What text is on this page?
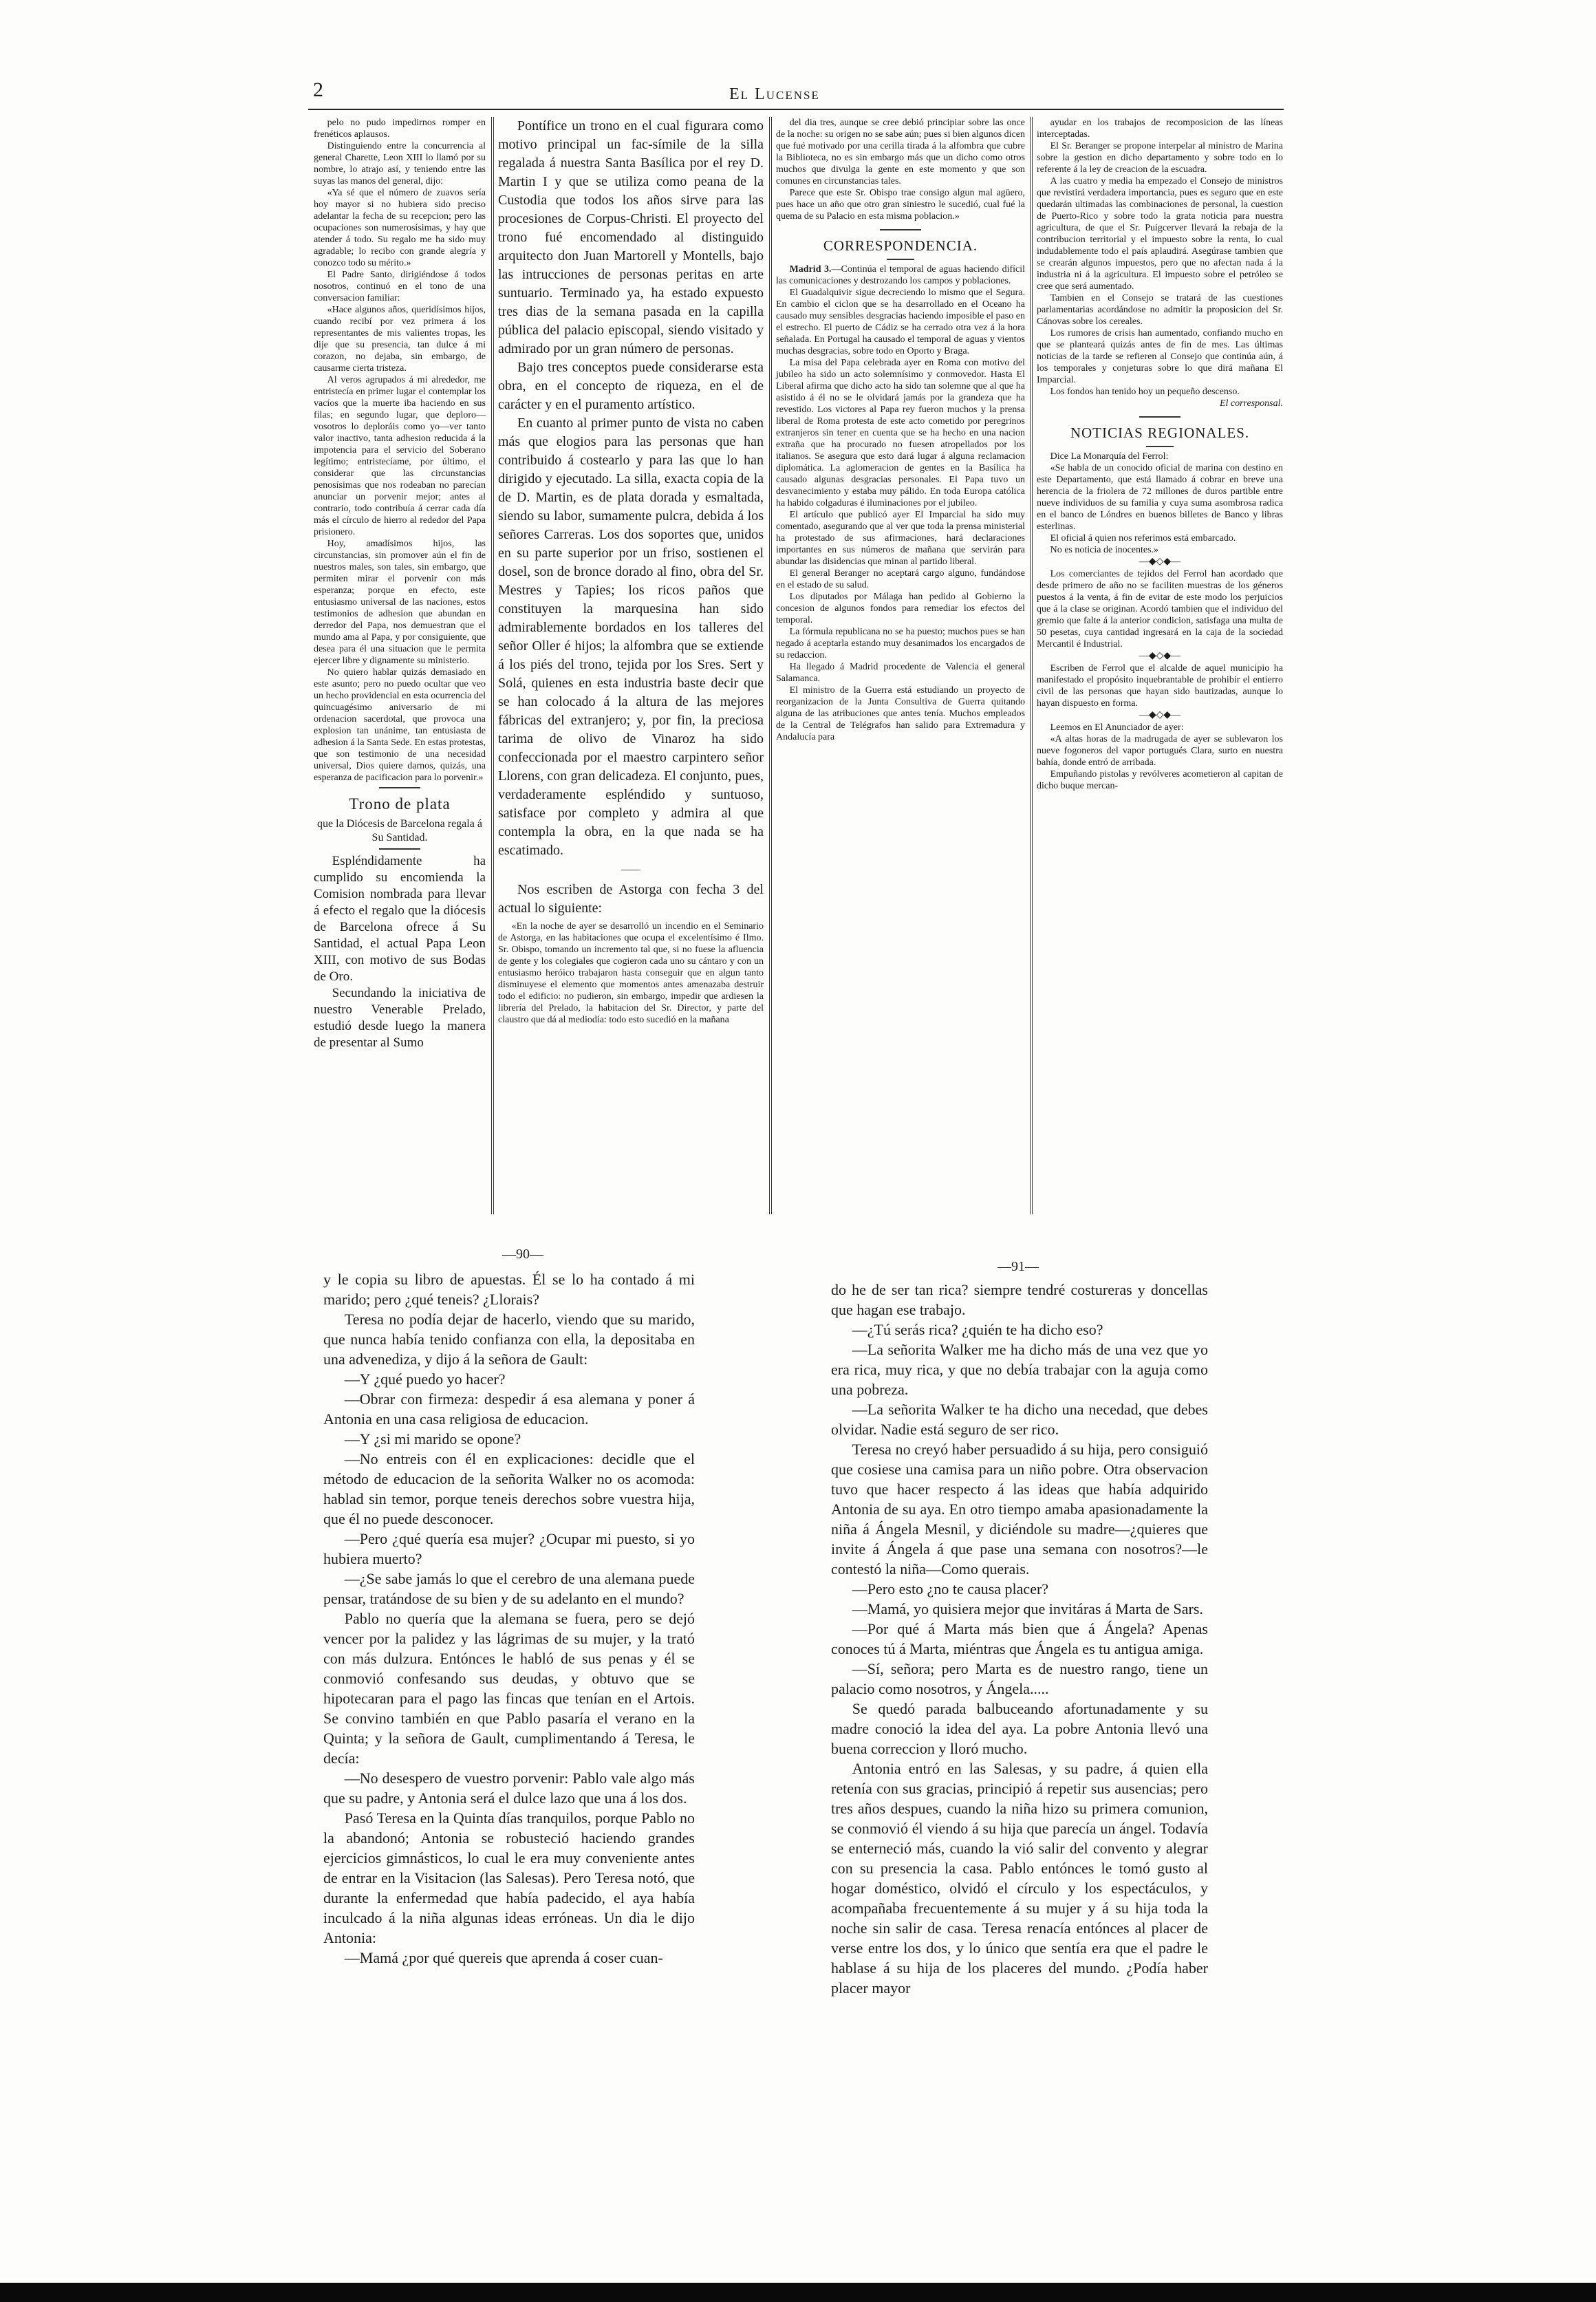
2	El Lucense

pelo no pudo impedirnos romper en frenéticos aplausos.

Distinguiendo entre la concurrencia al general Charette, Leon XIII lo llamó por su nombre, lo atrajo así, y teniendo entre las suyas las manos del general, dijo:

«Ya sé que el número de zuavos sería hoy mayor si no hubiera sido preciso adelantar la fecha de su recepcion; pero las ocupaciones son numerosísimas, y hay que atender á todo. Su regalo me ha sido muy agradable; lo recibo con grande alegría y conozco todo su mérito.»

El Padre Santo, dirigiéndose á todos nosotros, continuó en el tono de una conversacion familiar:

«Hace algunos años, queridísimos hijos, cuando recibí por vez primera á los representantes de mis valientes tropas, les dije que su presencia, tan dulce á mi corazon, no dejaba, sin embargo, de causarme cierta tristeza.

Al veros agrupados á mi alrededor, me entristecía en primer lugar el contemplar los vacíos que la muerte iba haciendo en sus filas; en segundo lugar, que deploro—vosotros lo deploráis como yo—ver tanto valor inactivo, tanta adhesion reducida á la impotencia para el servicio del Soberano legítimo; entristecíame, por último, el considerar que las circunstancias penosísimas que nos rodeaban no parecían anunciar un porvenir mejor; antes al contrario, todo contribuía á cerrar cada día más el círculo de hierro al rededor del Papa prisionero.

Hoy, amadísimos hijos, las circunstancias, sin promover aún el fin de nuestros males, son tales, sin embargo, que permiten mirar el porvenir con más esperanza; porque en efecto, este entusiasmo universal de las naciones, estos testimonios de adhesion que abundan en derredor del Papa, nos demuestran que el mundo ama al Papa, y por consiguiente, que desea para él una situacion que le permita ejercer libre y dignamente su ministerio.

No quiero hablar quizás demasiado en este asunto; pero no puedo ocultar que veo un hecho providencial en esta ocurrencia del quincuagésimo aniversario de mi ordenacion sacerdotal, que provoca una explosion tan unánime, tan entusiasta de adhesion á la Santa Sede. En estas protestas, que son testimonio de una necesidad universal, Dios quiere darnos, quizás, una esperanza de pacificacion para lo porvenir.»

Trono de plata
que la Diócesis de Barcelona regala á Su Santidad.

Espléndidamente ha cumplido su encomienda la Comision nombrada para llevar á efecto el regalo que la diócesis de Barcelona ofrece á Su Santidad, el actual Papa Leon XIII, con motivo de sus Bodas de Oro.

Secundando la iniciativa de nuestro Venerable Prelado, estudió desde luego la manera de presentar al Sumo

Pontífice un trono en el cual figurara como motivo principal un fac-símile de la silla regalada á nuestra Santa Basílica por el rey D. Martin I y que se utiliza como peana de la Custodia que todos los años sirve para las procesiones de Corpus-Christi. El proyecto del trono fué encomendado al distinguido arquitecto don Juan Martorell y Montells, bajo las intrucciones de personas peritas en arte suntuario. Terminado ya, ha estado expuesto tres dias de la semana pasada en la capilla pública del palacio episcopal, siendo visitado y admirado por un gran número de personas.

Bajo tres conceptos puede considerarse esta obra, en el concepto de riqueza, en el de carácter y en el puramento artístico.

En cuanto al primer punto de vista no caben más que elogios para las personas que han contribuido á costearlo y para las que lo han dirigido y ejecutado. La silla, exacta copia de la de D. Martin, es de plata dorada y esmaltada, siendo su labor, sumamente pulcra, debida á los señores Carreras. Los dos soportes que, unidos en su parte superior por un friso, sostienen el dosel, son de bronce dorado al fino, obra del Sr. Mestres y Tapies; los ricos paños que constituyen la marquesina han sido admirablemente bordados en los talleres del señor Oller é hijos; la alfombra que se extiende á los piés del trono, tejida por los Sres. Sert y Solá, quienes en esta industria baste decir que se han colocado á la altura de las mejores fábricas del extranjero; y, por fin, la preciosa tarima de olivo de Vinaroz ha sido confeccionada por el maestro carpintero señor Llorens, con gran delicadeza. El conjunto, pues, verdaderamente espléndido y suntuoso, satisface por completo y admira al que contempla la obra, en la que nada se ha escatimado.

——

Nos escriben de Astorga con fecha 3 del actual lo siguiente:

«En la noche de ayer se desarrolló un incendio en el Seminario de Astorga, en las habitaciones que ocupa el excelentísimo é Ilmo. Sr. Obispo, tomando un incremento tal que, si no fuese la afluencia de gente y los colegiales que cogieron cada uno su cántaro y con un entusiasmo heróico trabajaron hasta conseguir que en algun tanto disminuyese el elemento que momentos antes amenazaba destruir todo el edificio: no pudieron, sin embargo, impedir que ardiesen la librería del Prelado, la habitacion del Sr. Director, y parte del claustro que dá al mediodía: todo esto sucedió en la mañana

del dia tres, aunque se cree debió principiar sobre las once de la noche: su origen no se sabe aún; pues si bien algunos dicen que fué motivado por una cerilla tirada á la alfombra que cubre la Biblioteca, no es sin embargo más que un dicho como otros muchos que divulga la gente en este momento y que son comunes en circunstancias tales.

Parece que este Sr. Obispo trae consigo algun mal agüero, pues hace un año que otro gran siniestro le sucedió, cual fué la quema de su Palacio en esta misma poblacion.»

CORRESPONDENCIA.

Madrid 3.—Continúa el temporal de aguas haciendo difícil las comunicaciones y destrozando los campos y poblaciones.

El Guadalquivir sigue decreciendo lo mismo que el Segura. En cambio el ciclon que se ha desarrollado en el Oceano ha causado muy sensibles desgracias haciendo imposible el paso en el estrecho. El puerto de Cádiz se ha cerrado otra vez á la hora señalada. En Portugal ha causado el temporal de aguas y vientos muchas desgracias, sobre todo en Oporto y Braga.

La misa del Papa celebrada ayer en Roma con motivo del jubileo ha sido un acto solemnísimo y conmovedor. Hasta El Liberal afirma que dicho acto ha sido tan solemne que al que ha asistido á él no se le olvidará jamás por la grandeza que ha revestido. Los victores al Papa rey fueron muchos y la prensa liberal de Roma protesta de este acto cometido por peregrinos extranjeros sin tener en cuenta que se ha hecho en una nacion extraña que ha procurado no fuesen atropellados por los italianos. Se asegura que esto dará lugar á alguna reclamacion diplomática. La aglomeracion de gentes en la Basílica ha causado algunas desgracias personales. El Papa tuvo un desvanecimiento y estaba muy pálido. En toda Europa católica ha habido colgaduras é iluminaciones por el jubileo.

El artículo que publicó ayer El Imparcial ha sido muy comentado, asegurando que al ver que toda la prensa ministerial ha protestado de sus afirmaciones, hará declaraciones importantes en sus números de mañana que servirán para abundar las disidencias que minan al partido liberal.

El general Beranger no aceptará cargo alguno, fundándose en el estado de su salud.

Los diputados por Málaga han pedido al Gobierno la concesion de algunos fondos para remediar los efectos del temporal.

La fórmula republicana no se ha puesto; muchos pues se han negado á aceptarla estando muy desanimados los encargados de su redaccion.

Ha llegado á Madrid procedente de Valencia el general Salamanca.

El ministro de la Guerra está estudiando un proyecto de reorganizacion de la Junta Consultiva de Guerra quitando alguna de las atribuciones que antes tenía. Muchos empleados de la Central de Telégrafos han salido para Extremadura y Andalucía para

ayudar en los trabajos de recomposicion de las líneas interceptadas.

El Sr. Beranger se propone interpelar al ministro de Marina sobre la gestion en dicho departamento y sobre todo en lo referente á la ley de creacion de la escuadra.

A las cuatro y media ha empezado el Consejo de ministros que revistirá verdadera importancia, pues es seguro que en este quedarán ultimadas las combinaciones de personal, la cuestion de Puerto-Rico y sobre todo la grata noticia para nuestra agricultura, de que el Sr. Puigcerver llevará la rebaja de la contribucion territorial y el impuesto sobre la renta, lo cual indudablemente todo el país aplaudirá. Asegúrase tambien que se crearán algunos impuestos, pero que no afectan nada á la industria ni á la agricultura. El impuesto sobre el petróleo se cree que será aumentado.

Tambien en el Consejo se tratará de las cuestiones parlamentarias acordándose no admitir la proposicion del Sr. Cánovas sobre los cereales.

Los rumores de crisis han aumentado, confiando mucho en que se planteará quizás antes de fin de mes. Las últimas noticias de la tarde se refieren al Consejo que continúa aún, á los temporales y conjeturas sobre lo que dirá mañana El Imparcial.

Los fondos han tenido hoy un pequeño descenso.

El corresponsal.

NOTICIAS REGIONALES.

Dice La Monarquía del Ferrol:

«Se habla de un conocido oficial de marina con destino en este Departamento, que está llamado á cobrar en breve una herencia de la friolera de 72 millones de duros partible entre nueve individuos de su familia y cuya suma asombrosa radica en el banco de Lóndres en buenos billetes de Banco y libras esterlinas.

El oficial á quien nos referimos está embarcado.

No es noticia de inocentes.»

—◆◇◆—

Los comerciantes de tejidos del Ferrol han acordado que desde primero de año no se faciliten muestras de los géneros puestos á la venta, á fin de evitar de este modo los perjuicios que á la clase se originan. Acordó tambien que el individuo del gremio que falte á la anterior condicion, satisfaga una multa de 50 pesetas, cuya cantidad ingresará en la caja de la sociedad Mercantil é Industrial.

—◆◇◆—

Escriben de Ferrol que el alcalde de aquel municipio ha manifestado el propósito inquebrantable de prohibir el entierro civil de las personas que hayan sido bautizadas, aunque lo hayan dispuesto en forma.

—◆◇◆—

Leemos en El Anunciador de ayer:

«A altas horas de la madrugada de ayer se sublevaron los nueve fogoneros del vapor portugués Clara, surto en nuestra bahía, donde entró de arribada.

Empuñando pistolas y revólveres acometieron al capitan de dicho buque mercan-

—90—

y le copia su libro de apuestas. Él se lo ha contado á mi marido; pero ¿qué teneis? ¿Llorais?

Teresa no podía dejar de hacerlo, viendo que su marido, que nunca había tenido confianza con ella, la depositaba en una advenediza, y dijo á la señora de Gault:

—Y ¿qué puedo yo hacer?

—Obrar con firmeza: despedir á esa alemana y poner á Antonia en una casa religiosa de educacion.

—Y ¿si mi marido se opone?

—No entreis con él en explicaciones: decidle que el método de educacion de la señorita Walker no os acomoda: hablad sin temor, porque teneis derechos sobre vuestra hija, que él no puede desconocer.

—Pero ¿qué quería esa mujer? ¿Ocupar mi puesto, si yo hubiera muerto?

—¿Se sabe jamás lo que el cerebro de una alemana puede pensar, tratándose de su bien y de su adelanto en el mundo?

Pablo no quería que la alemana se fuera, pero se dejó vencer por la palidez y las lágrimas de su mujer, y la trató con más dulzura. Entónces le habló de sus penas y él se conmovió confesando sus deudas, y obtuvo que se hipotecaran para el pago las fincas que tenían en el Artois. Se convino también en que Pablo pasaría el verano en la Quinta; y la señora de Gault, cumplimentando á Teresa, le decía:

—No desespero de vuestro porvenir: Pablo vale algo más que su padre, y Antonia será el dulce lazo que una á los dos.

Pasó Teresa en la Quinta días tranquilos, porque Pablo no la abandonó; Antonia se robusteció haciendo grandes ejercicios gimnásticos, lo cual le era muy conveniente antes de entrar en la Visitacion (las Salesas). Pero Teresa notó, que durante la enfermedad que había padecido, el aya había inculcado á la niña algunas ideas erróneas. Un dia le dijo Antonia:

—Mamá ¿por qué quereis que aprenda á coser cuan-

—91—

do he de ser tan rica? siempre tendré costureras y doncellas que hagan ese trabajo.

—¿Tú serás rica? ¿quién te ha dicho eso?

—La señorita Walker me ha dicho más de una vez que yo era rica, muy rica, y que no debía trabajar con la aguja como una pobreza.

—La señorita Walker te ha dicho una necedad, que debes olvidar. Nadie está seguro de ser rico.

Teresa no creyó haber persuadido á su hija, pero consiguió que cosiese una camisa para un niño pobre. Otra observacion tuvo que hacer respecto á las ideas que había adquirido Antonia de su aya. En otro tiempo amaba apasionadamente la niña á Ángela Mesnil, y diciéndole su madre—¿quieres que invite á Ángela á que pase una semana con nosotros?—le contestó la niña—Como querais.

—Pero esto ¿no te causa placer?

—Mamá, yo quisiera mejor que invitáras á Marta de Sars.

—Por qué á Marta más bien que á Ángela? Apenas conoces tú á Marta, miéntras que Ángela es tu antigua amiga.

—Sí, señora; pero Marta es de nuestro rango, tiene un palacio como nosotros, y Ángela.....

Se quedó parada balbuceando afortunadamente y su madre conoció la idea del aya. La pobre Antonia llevó una buena correccion y lloró mucho.

Antonia entró en las Salesas, y su padre, á quien ella retenía con sus gracias, principió á repetir sus ausencias; pero tres años despues, cuando la niña hizo su primera comunion, se conmovió él viendo á su hija que parecía un ángel. Todavía se enterneció más, cuando la vió salir del convento y alegrar con su presencia la casa. Pablo entónces le tomó gusto al hogar doméstico, olvidó el círculo y los espectáculos, y acompañaba frecuentemente á su mujer y á su hija toda la noche sin salir de casa. Teresa renacía entónces al placer de verse entre los dos, y lo único que sentía era que el padre le hablase á su hija de los placeres del mundo. ¿Podía haber placer mayor
